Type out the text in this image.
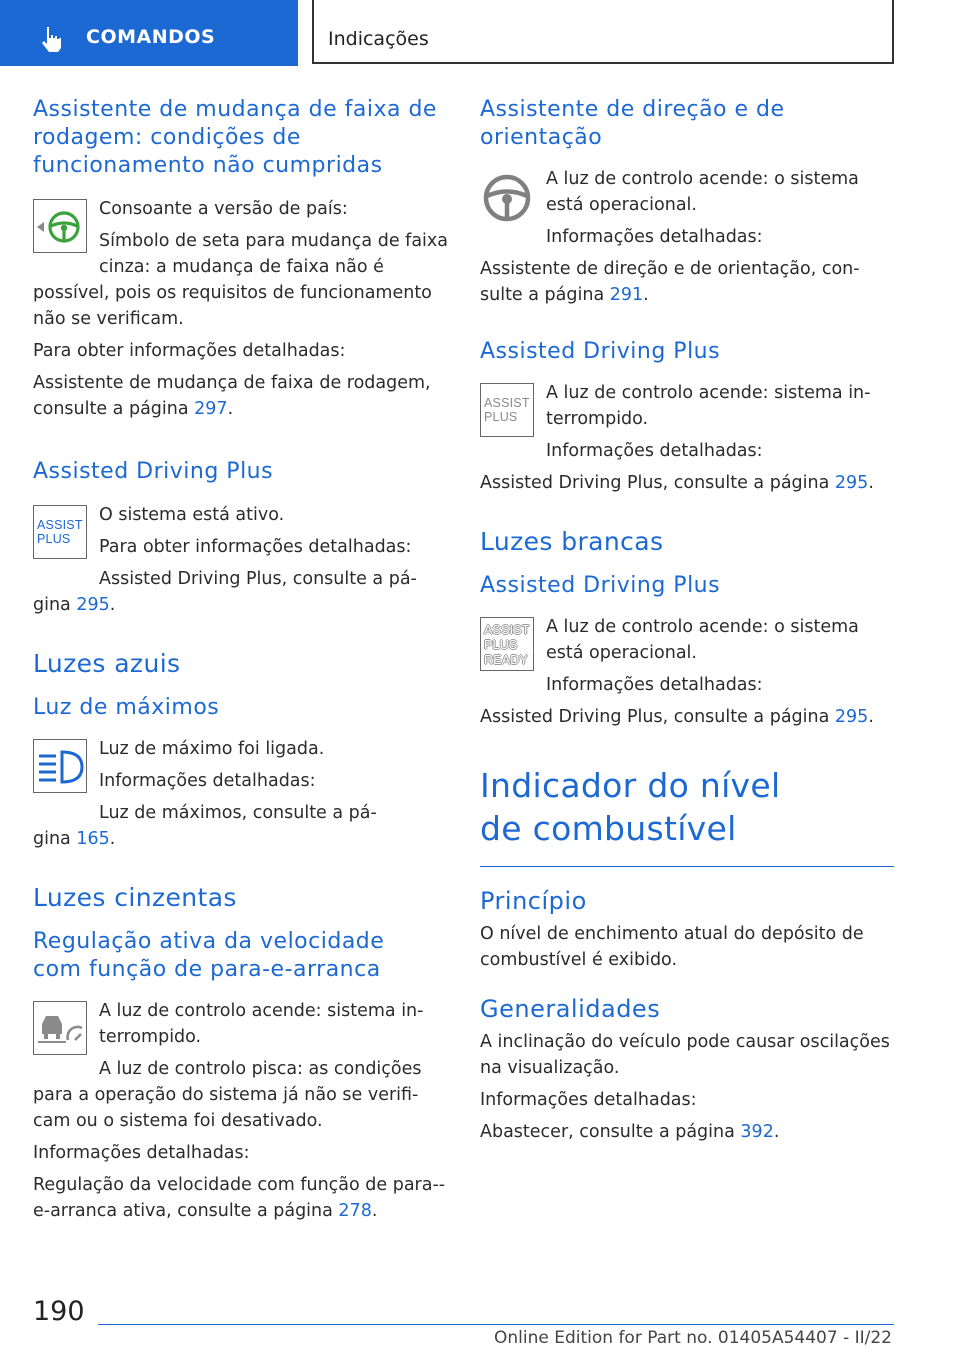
COMANDOS	Indicações
Assistente de mudança de faixa de rodagem: condições de funcionamento não cumpridas

Consoante a versão de país:

Símbolo de seta para mudança de faixa cinza: a mudança de faixa não é

possível, pois os requisitos de funcionamento não se verificam.

Para obter informações detalhadas:

Assistente de mudança de faixa de rodagem, consulte a página 297.

Assisted Driving Plus
ASSIST PLUS

O sistema está ativo.

Para obter informações detalhadas:

Assisted Driving Plus, consulte a pá-

gina 295.

Luzes azuis
Luz de máximos

Luz de máximo foi ligada.

Informações detalhadas:

Luz de máximos, consulte a pá-

gina 165.

Luzes cinzentas
Regulação ativa da velocidade com função de para-e-arranca

A luz de controlo acende: sistema in-

terrompido.

A luz de controlo pisca: as condições

para a operação do sistema já não se verifi-cam ou o sistema foi desativado.

Informações detalhadas:

Regulação da velocidade com função de para--e-arranca ativa, consulte a página 278.

Assistente de direção e de orientação

A luz de controlo acende: o sistema está operacional.

Informações detalhadas:

Assistente de direção e de orientação, con-sulte a página 291.

Assisted Driving Plus
ASSIST PLUS

A luz de controlo acende: sistema in-

terrompido.

Informações detalhadas:

Assisted Driving Plus, consulte a página 295.

Luzes brancas
Assisted Driving Plus
ASSIST PLUS READY

A luz de controlo acende: o sistema está operacional.

Informações detalhadas:

Assisted Driving Plus, consulte a página 295.

Indicador do nível de combustível
Princípio

O nível de enchimento atual do depósito de combustível é exibido.

Generalidades

A inclinação do veículo pode causar oscilações na visualização.

Informações detalhadas:

Abastecer, consulte a página 392.

190
Online Edition for Part no. 01405A54407 - II/22
